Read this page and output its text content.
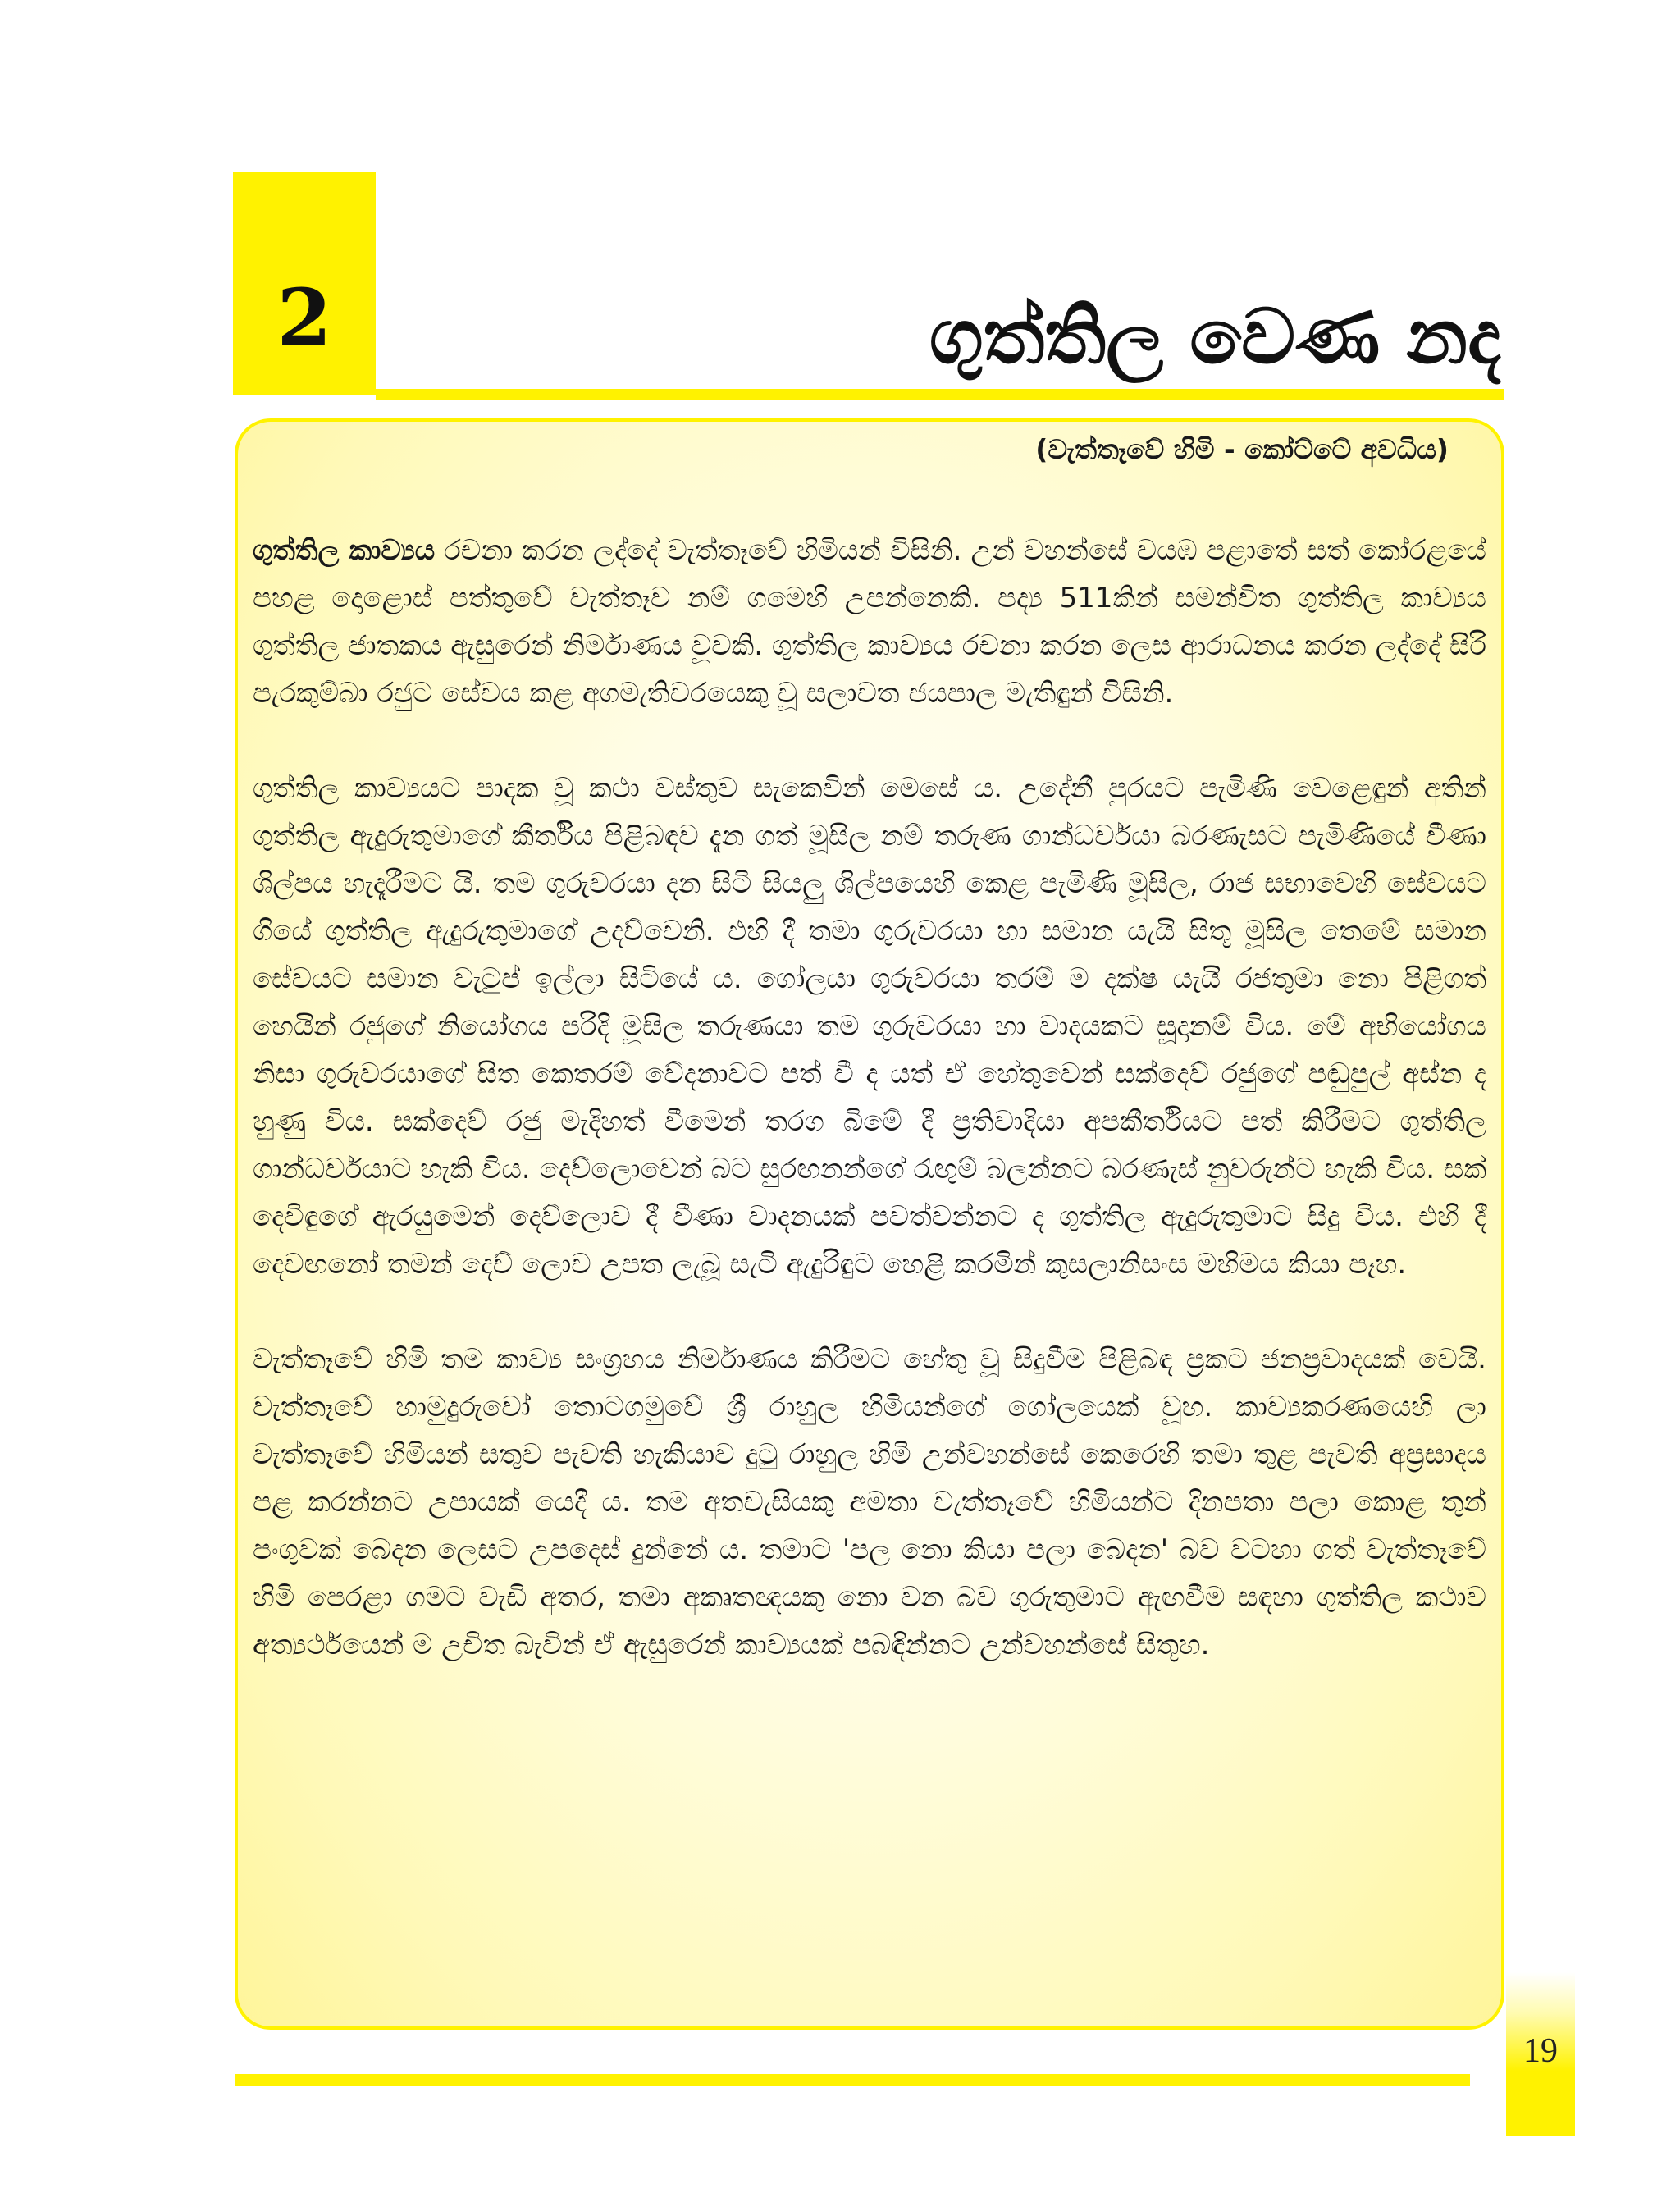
2	ගුත්තිල වෙණ නද
(වැත්තෑවේ හිමි - කෝට්ටේ අවධිය)

ගුත්තිල කාව්‍යය රචනා කරන ලද්දේ වැත්තෑවේ හිමියන් විසිනි. උන් වහන්සේ වයඹ පළාතේ සත් කෝරළයේ පහළ දොළොස් පත්තුවේ වැත්තෑව නම් ගමෙහි උපන්නෙකි. පද්‍ය 511කින් සමන්විත ගුත්තිල කාව්‍යය ගුත්තිල ජාතකය ඇසුරෙන් නිර්මාණය වූවකි. ගුත්තිල කාව්‍යය රචනා කරන ලෙස ආරාධනය කරන ලද්දේ සිරි පැරකුම්බා රජුට සේවය කළ අගමැතිවරයෙකු වූ සලාවත ජයපාල මැතිඳුන් විසිනි.

ගුත්තිල කාව්‍යයට පාදක වූ කථා වස්තුව සැකෙවින් මෙසේ ය. උදේනී පුරයට පැමිණි වෙළෙඳුන් අතින් ගුත්තිල ඇදුරුතුමාගේ කීර්තිය පිළිබඳව දැන ගත් මූසිල නම් තරුණ ගාන්ධර්වයා බරණැසට පැමිණියේ වීණා ශිල්පය හැදෑරීමට යි. තම ගුරුවරයා දන සිටි සියලු ශිල්පයෙහි කෙළ පැමිණි මූසිල, රාජ සභාවෙහි සේවයට ගියේ ගුත්තිල ඇදුරුතුමාගේ උදව්වෙනි. එහි දී තමා ගුරුවරයා හා සමාන යැයි සිතූ මූසිල තෙමේ සමාන සේවයට සමාන වැටුප් ඉල්ලා සිටියේ ය. ගෝලයා ගුරුවරයා තරම් ම දක්ෂ යැයි රජතුමා නො පිළිගත් හෙයින් රජුගේ නියෝගය පරිදි මූසිල තරුණයා තම ගුරුවරයා හා වාදයකට සූදානම් විය. මේ අභියෝගය නිසා ගුරුවරයාගේ සිත කෙතරම් වේදනාවට පත් වී ද යත් ඒ හේතුවෙන් සක්දෙව් රජුගේ පඬුපුල් අස්න ද හුණු විය. සක්දෙව් රජු මැදිහත් වීමෙන් තරග බිමේ දී ප්‍රතිවාදියා අපකීර්තියට පත් කිරීමට ගුත්තිල ගාන්ධර්වයාට හැකි විය. දෙව්ලොවෙන් බට සුරඟනන්ගේ රැඟුම් බලන්නට බරණැස් නුවරුන්ට හැකි විය. සක් දෙවිඳුගේ ඇරයුමෙන් දෙව්ලොව දී වීණා වාදනයක් පවත්වන්නට ද ගුත්තිල ඇදුරුතුමාට සිදු විය. එහි දී දෙවඟනෝ තමන් දෙව් ලොව උපත ලැබූ සැටි ඇදුරිඳුට හෙළි කරමින් කුසලානිසංස මහිමය කියා පෑහ.

වැත්තෑවේ හිමි තම කාව්‍ය සංග්‍රහය නිර්මාණය කිරීමට හේතු වූ සිදුවීම පිළිබඳ ප්‍රකට ජනප්‍රවාදයක් වෙයි. වැත්තෑවේ හාමුදුරුවෝ තොටගමුවේ ශ්‍රී රාහුල හිමියන්ගේ ගෝලයෙක් වූහ. කාව්‍යකරණයෙහි ලා වැත්තෑවේ හිමියන් සතුව පැවති හැකියාව දුටු රාහුල හිමි උන්වහන්සේ කෙරෙහි තමා තුළ පැවති අප්‍රසාදය පළ කරන්නට උපායක් යෙදී ය. තම අතවැසියකු අමතා වැත්තෑවේ හිමියන්ට දිනපතා පලා කොළ තුන් පංගුවක් බෙදන ලෙසට උපදෙස් දුන්නේ ය. තමාට 'පල නො කියා පලා බෙදන' බව වටහා ගත් වැත්තෑවේ හිමි පෙරළා ගමට වැඩි අතර, තමා අකෘතඥයකු නො වන බව ගුරුතුමාට ඇඟවීම සඳහා ගුත්තිල කථාව අත්‍යර්ථයෙන් ම උචිත බැවින් ඒ ඇසුරෙන් කාව්‍යයක් පබඳින්නට උන්වහන්සේ සිතූහ.

19
